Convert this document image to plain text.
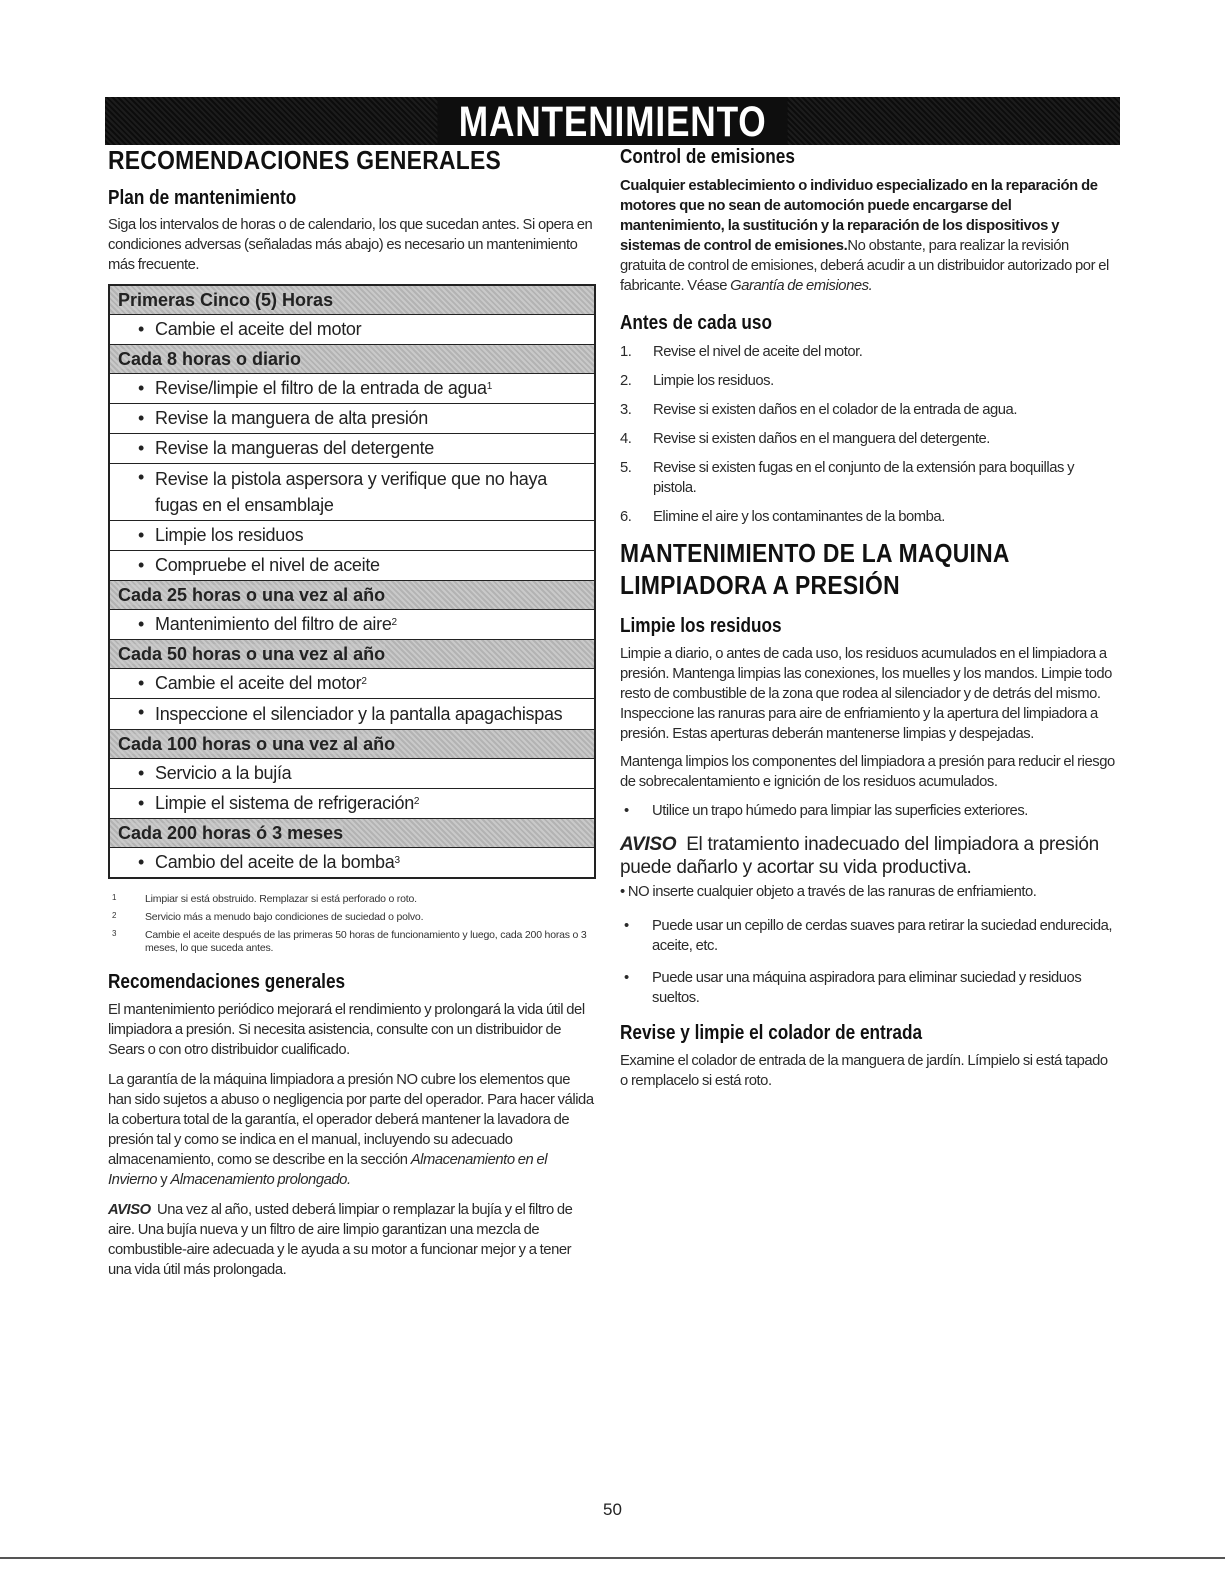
MANTENIMIENTO
RECOMENDACIONES GENERALES
Plan de mantenimiento

Siga los intervalos de horas o de calendario, los que sucedan antes. Si opera en condiciones adversas (señaladas más abajo) es necesario un mantenimiento más frecuente.

Primeras Cinco (5) Horas
• Cambie el aceite del motor
Cada 8 horas o diario
• Revise/limpie el filtro de la entrada de agua$^1$
• Revise la manguera de alta presión
• Revise la mangueras del detergente
• Revise la pistola aspersora y verifique que no haya fugas en el ensamblaje
• Limpie los residuos
• Compruebe el nivel de aceite
Cada 25 horas o una vez al año
• Mantenimiento del filtro de aire$^2$
Cada 50 horas o una vez al año
• Cambie el aceite del motor$^2$
• Inspeccione el silenciador y la pantalla apagachispas
Cada 100 horas o una vez al año
• Servicio a la bujía
• Limpie el sistema de refrigeración$^2$
Cada 200 horas ó 3 meses
• Cambio del aceite de la bomba$^3$

1	Limpiar si está obstruido. Remplazar si está perforado o roto.

2	Servicio más a menudo bajo condiciones de suciedad o polvo.

3	Cambie el aceite después de las primeras 50 horas de funcionamiento y luego, cada 200 horas o 3 meses, lo que suceda antes.

Recomendaciones generales

El mantenimiento periódico mejorará el rendimiento y prolongará la vida útil del limpiadora a presión. Si necesita asistencia, consulte con un distribuidor de Sears o con otro distribuidor cualificado.

La garantía de la máquina limpiadora a presión NO cubre los elementos que han sido sujetos a abuso o negligencia por parte del operador. Para hacer válida la cobertura total de la garantía, el operador deberá mantener la lavadora de presión tal y como se indica en el manual, incluyendo su adecuado almacenamiento, como se describe en la sección Almacenamiento en el Invierno y Almacenamiento prolongado.

AVISO Una vez al año, usted deberá limpiar o remplazar la bujía y el filtro de aire. Una bujía nueva y un filtro de aire limpio garantizan una mezcla de combustible-aire adecuada y le ayuda a su motor a funcionar mejor y a tener una vida útil más prolongada.

Control de emisiones

Cualquier establecimiento o individuo especializado en la reparación de motores que no sean de automoción puede encargarse del mantenimiento, la sustitución y la reparación de los dispositivos y sistemas de control de emisiones.No obstante, para realizar la revisión gratuita de control de emisiones, deberá acudir a un distribuidor autorizado por el fabricante. Véase Garantía de emisiones.

Antes de cada uso
1. Revise el nivel de aceite del motor.
2. Limpie los residuos.
3. Revise si existen daños en el colador de la entrada de agua.
4. Revise si existen daños en el manguera del detergente.
5. Revise si existen fugas en el conjunto de la extensión para boquillas y pistola.
6. Elimine el aire y los contaminantes de la bomba.
MANTENIMIENTO DE LA MAQUINA
LIMPIADORA A PRESIÓN
Limpie los residuos

Limpie a diario, o antes de cada uso, los residuos acumulados en el limpiadora a presión. Mantenga limpias las conexiones, los muelles y los mandos. Limpie todo resto de combustible de la zona que rodea al silenciador y de detrás del mismo. Inspeccione las ranuras para aire de enfriamiento y la apertura del limpiadora a presión. Estas aperturas deberán mantenerse limpias y despejadas.

Mantenga limpios los componentes del limpiadora a presión para reducir el riesgo de sobrecalentamiento e ignición de los residuos acumulados.

• Utilice un trapo húmedo para limpiar las superficies exteriores.

AVISO El tratamiento inadecuado del limpiadora a presión puede dañarlo y acortar su vida productiva.

• NO inserte cualquier objeto a través de las ranuras de enfriamiento.

• Puede usar un cepillo de cerdas suaves para retirar la suciedad endurecida, aceite, etc.
• Puede usar una máquina aspiradora para eliminar suciedad y residuos sueltos.
Revise y limpie el colador de entrada

Examine el colador de entrada de la manguera de jardín. Límpielo si está tapado o remplacelo si está roto.

50
